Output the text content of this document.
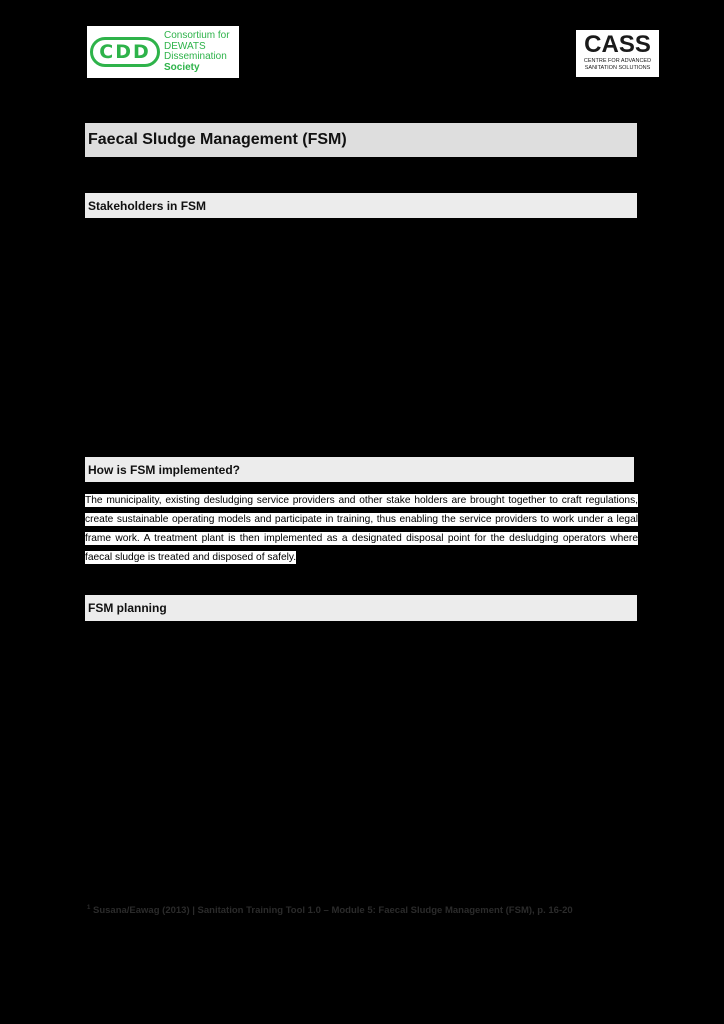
CDD
Consortium for
DEWATS
Dissemination
Society
CASS
CENTRE FOR ADVANCED
SANITATION SOLUTIONS
Faecal Sludge Management (FSM)
Stakeholders in FSM
How is FSM implemented?
The municipality, existing desludging service providers and other stake holders are brought together to craft regulations, create sustainable operating models and participate in training, thus enabling the service providers to work under a legal frame work. A treatment plant is then implemented as a designated disposal point for the desludging operators where faecal sludge is treated and disposed of safely.
FSM planning
$^1$ Susana/Eawag (2013) | Sanitation Training Tool 1.0 – Module 5: Faecal Sludge Management (FSM), p. 16-20
